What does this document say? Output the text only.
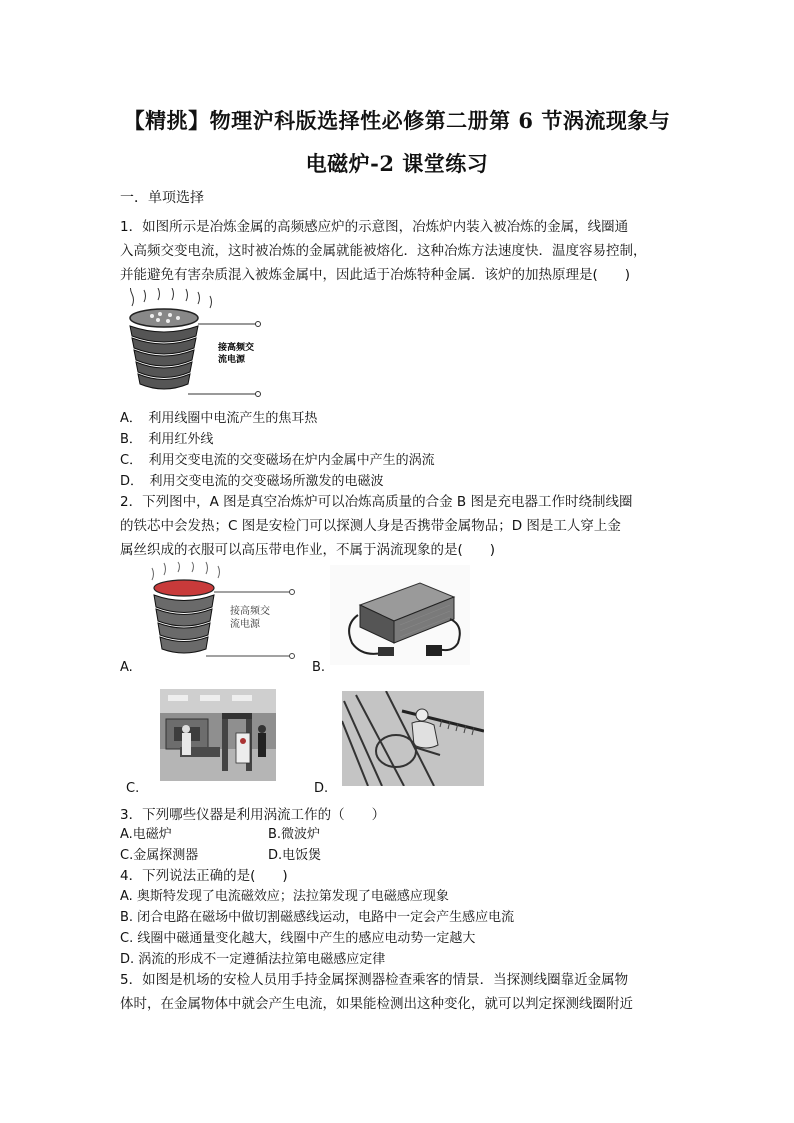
【精挑】物理沪科版选择性必修第二册第 6 节涡流现象与
电磁炉-2 课堂练习
一．单项选择
1．如图所示是冶炼金属的高频感应炉的示意图，冶炼炉内装入被冶炼的金属，线圈通
入高频交变电流，这时被冶炼的金属就能被熔化．这种冶炼方法速度快．温度容易控制，
并能避免有害杂质混入被炼金属中，因此适于冶炼特种金属．该炉的加热原理是(　　)
接高频交
流电源
A．　利用线圈中电流产生的焦耳热
B．　利用红外线
C．　利用交变电流的交变磁场在炉内金属中产生的涡流
D．　利用交变电流的交变磁场所激发的电磁波
2．下列图中，A 图是真空冶炼炉可以冶炼高质量的合金 B 图是充电器工作时绕制线圈
的铁芯中会发热；C 图是安检门可以探测人身是否携带金属物品；D 图是工人穿上金
属丝织成的衣服可以高压带电作业，不属于涡流现象的是(　　)
接高频交
流电源
A.	B.
C.	D.
3．下列哪些仪器是利用涡流工作的（　　）
A.电磁炉	B.微波炉
C.金属探测器	D.电饭煲
4．下列说法正确的是(　　)
A. 奥斯特发现了电流磁效应；法拉第发现了电磁感应现象
B. 闭合电路在磁场中做切割磁感线运动，电路中一定会产生感应电流
C. 线圈中磁通量变化越大，线圈中产生的感应电动势一定越大
D. 涡流的形成不一定遵循法拉第电磁感应定律
5．如图是机场的安检人员用手持金属探测器检查乘客的情景．当探测线圈靠近金属物
体时，在金属物体中就会产生电流，如果能检测出这种变化，就可以判定探测线圈附近
